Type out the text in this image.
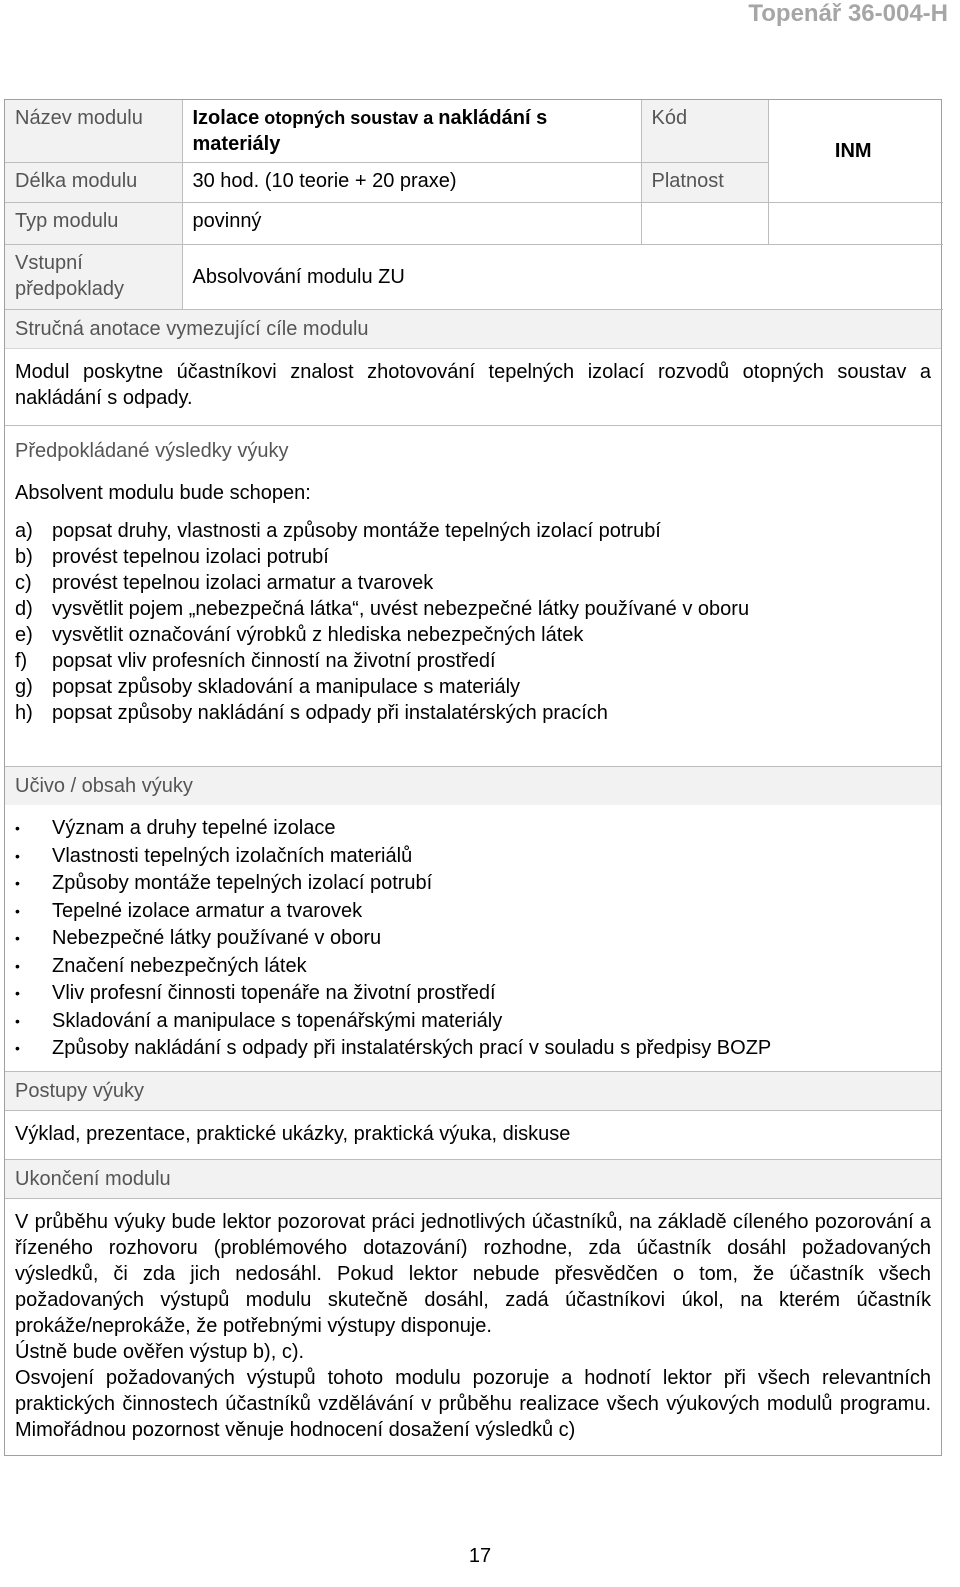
Topenář 36-004-H
Název modulu	Izolace otopných soustav a nakládání s materiály	Kód	INM
Délka modulu	30 hod. (10 teorie + 20 praxe)	Platnost	
Typ modulu	povinný		
Vstupní
předpoklady	Absolvování modulu ZU		
Stručná anotace vymezující cíle modulu
Modul poskytne účastníkovi znalost zhotovování tepelných izolací rozvodů otopných soustav a nakládání s odpady.
Předpokládané výsledky výuky
Absolvent modulu bude schopen:
a) popsat druhy, vlastnosti a způsoby montáže tepelných izolací potrubí
b) provést tepelnou izolaci potrubí
c)	provést tepelnou izolaci armatur a tvarovek
d) vysvětlit pojem „nebezpečná látka“, uvést nebezpečné látky používané v oboru
e) vysvětlit označování výrobků z hlediska nebezpečných látek
f)	popsat vliv profesních činností na životní prostředí
g) popsat způsoby skladování a manipulace s materiály
h) popsat způsoby nakládání s odpady při instalatérských pracích
Učivo / obsah výuky
•	Význam a druhy tepelné izolace
•	Vlastnosti tepelných izolačních materiálů
•	Způsoby montáže tepelných izolací potrubí
•	Tepelné izolace armatur a tvarovek
•	Nebezpečné látky používané v oboru
•	Značení nebezpečných látek
•	Vliv profesní činnosti topenáře na životní prostředí
•	Skladování a manipulace s topenářskými materiály
•	Způsoby nakládání s odpady při instalatérských prací v souladu s předpisy BOZP
Postupy výuky
Výklad, prezentace, praktické ukázky, praktická výuka, diskuse
Ukončení modulu
V průběhu výuky bude lektor pozorovat práci jednotlivých účastníků, na základě cíleného pozorování a řízeného rozhovoru (problémového dotazování) rozhodne, zda účastník dosáhl požadovaných výsledků, či zda jich nedosáhl. Pokud lektor nebude přesvědčen o tom, že účastník všech požadovaných výstupů modulu skutečně dosáhl, zadá účastníkovi úkol, na kterém účastník prokáže/neprokáže, že potřebnými výstupy disponuje.
Ústně bude ověřen výstup b), c).
Osvojení požadovaných výstupů tohoto modulu pozoruje a hodnotí lektor při všech relevantních praktických činnostech účastníků vzdělávání v průběhu realizace všech výukových modulů programu. Mimořádnou pozornost věnuje hodnocení dosažení výsledků c)
17
